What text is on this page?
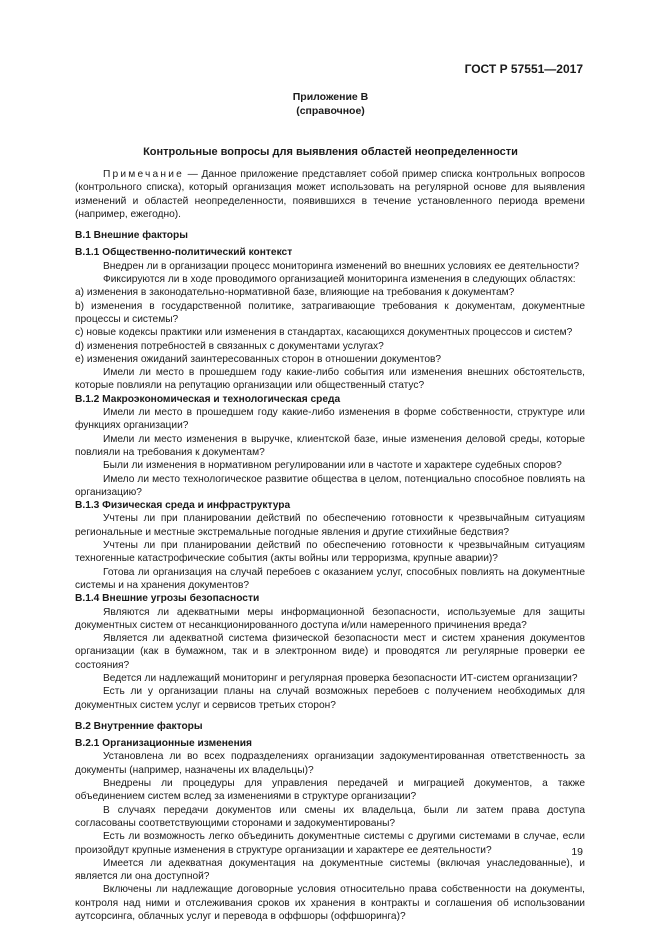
ГОСТ Р 57551—2017
Приложение В
(справочное)
Контрольные вопросы для выявления областей неопределенности

Примечание — Данное приложение представляет собой пример списка контрольных вопросов (контрольного списка), который организация может использовать на регулярной основе для выявления изменений и областей неопределенности, появившихся в течение установленного периода времени (например, ежегодно).

В.1 Внешние факторы

В.1.1 Общественно-политический контекст

Внедрен ли в организации процесс мониторинга изменений во внешних условиях ее деятельности?

Фиксируются ли в ходе проводимого организацией мониторинга изменения в следующих областях:

а) изменения в законодательно-нормативной базе, влияющие на требования к документам?

b) изменения в государственной политике, затрагивающие требования к документам, документные процессы и системы?

с) новые кодексы практики или изменения в стандартах, касающихся документных процессов и систем?

d) изменения потребностей в связанных с документами услугах?

е) изменения ожиданий заинтересованных сторон в отношении документов?

Имели ли место в прошедшем году какие-либо события или изменения внешних обстоятельств, которые повлияли на репутацию организации или общественный статус?

В.1.2 Макроэкономическая и технологическая среда

Имели ли место в прошедшем году какие-либо изменения в форме собственности, структуре или функциях организации?

Имели ли место изменения в выручке, клиентской базе, иные изменения деловой среды, которые повлияли на требования к документам?

Были ли изменения в нормативном регулировании или в частоте и характере судебных споров?

Имело ли место технологическое развитие общества в целом, потенциально способное повлиять на организацию?

В.1.3 Физическая среда и инфраструктура

Учтены ли при планировании действий по обеспечению готовности к чрезвычайным ситуациям региональные и местные экстремальные погодные явления и другие стихийные бедствия?

Учтены ли при планировании действий по обеспечению готовности к чрезвычайным ситуациям техногенные катастрофические события (акты войны или терроризма, крупные аварии)?

Готова ли организация на случай перебоев с оказанием услуг, способных повлиять на документные системы и на хранения документов?

В.1.4 Внешние угрозы безопасности

Являются ли адекватными меры информационной безопасности, используемые для защиты документных систем от несанкционированного доступа и/или намеренного причинения вреда?

Является ли адекватной система физической безопасности мест и систем хранения документов организации (как в бумажном, так и в электронном виде) и проводятся ли регулярные проверки ее состояния?

Ведется ли надлежащий мониторинг и регулярная проверка безопасности ИТ-систем организации?

Есть ли у организации планы на случай возможных перебоев с получением необходимых для документных систем услуг и сервисов третьих сторон?

В.2 Внутренние факторы

В.2.1 Организационные изменения

Установлена ли во всех подразделениях организации задокументированная ответственность за документы (например, назначены их владельцы)?

Внедрены ли процедуры для управления передачей и миграцией документов, а также объединением систем вслед за изменениями в структуре организации?

В случаях передачи документов или смены их владельца, были ли затем права доступа согласованы соответствующими сторонами и задокументированы?

Есть ли возможность легко объединить документные системы с другими системами в случае, если произойдут крупные изменения в структуре организации и характере ее деятельности?

Имеется ли адекватная документация на документные системы (включая унаследованные), и является ли она доступной?

Включены ли надлежащие договорные условия относительно права собственности на документы, контроля над ними и отслеживания сроков их хранения в контракты и соглашения об использовании аутсорсинга, облачных услуг и перевода в оффшоры (оффшоринга)?

19
